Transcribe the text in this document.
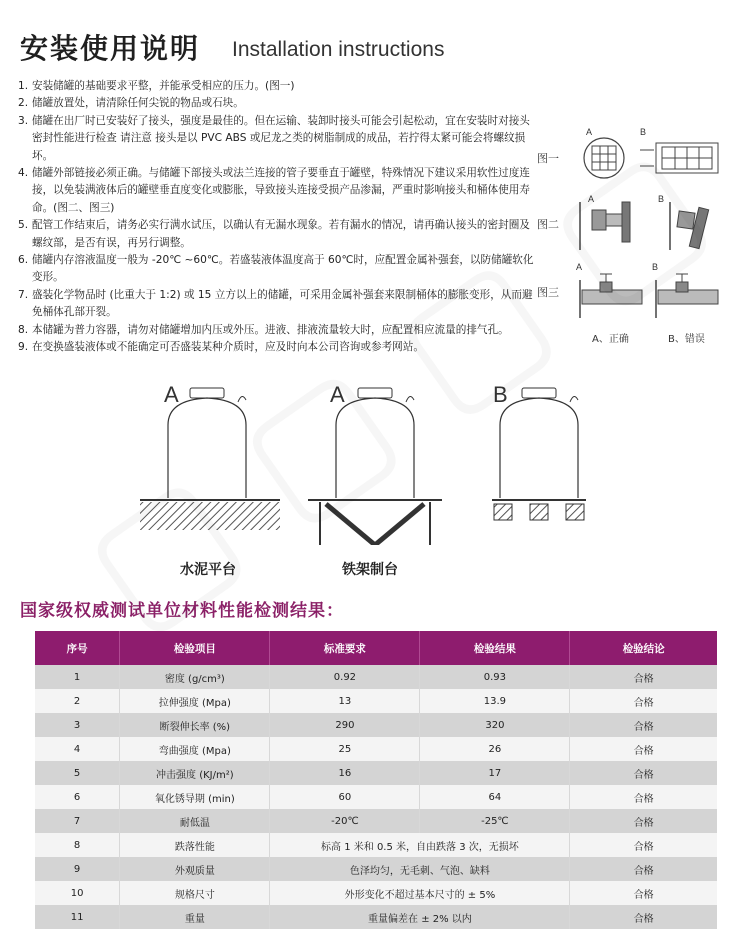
安装使用说明 Installation instructions
1. 安装储罐的基础要求平整，并能承受相应的压力。(图一)
2. 储罐放置处，请清除任何尖锐的物品或石块。
3. 储罐在出厂时已安装好了接头，强度是最佳的。但在运输、装卸时接头可能会引起松动，宜在安装时对接头密封性能进行检查 请注意 接头是以 PVC ABS 或尼龙之类的树脂制成的成品，若拧得太紧可能会将螺纹损坏。
4. 储罐外部链接必须正确。与储罐下部接头或法兰连接的管子要垂直于罐壁，特殊情况下建议采用软性过度连接，以免装满液体后的罐壁垂直度变化或膨胀，导致接头连接受损产品渗漏，严重时影响接头和桶体使用寿命。(图二、图三)
5. 配管工作结束后，请务必实行满水试压，以确认有无漏水现象。若有漏水的情况，请再确认接头的密封圈及螺纹部，是否有误，再另行调整。
6. 储罐内存溶液温度一般为 -20℃ ~60℃。若盛装液体温度高于 60℃时，应配置金属补强套，以防储罐软化变形。
7. 盛装化学物品时 (比重大于 1:2) 或 15 立方以上的储罐，可采用金属补强套来限制桶体的膨胀变形，从而避免桶体孔部开裂。
8. 本储罐为普力容器，请勿对储罐增加内压或外压。进液、排液流量较大时，应配置相应流量的排气孔。
9. 在变换盛装液体或不能确定可否盛装某种介质时，应及时向本公司咨询或参考网站。
图一
图二
图三
A	B
A	B
A	B
A、正确	B、错误
A	A	B
水泥平台	铁架制台
国家级权威测试单位材料性能检测结果：
序号	检验项目	标准要求	检验结果	检验结论
1	密度 (g/cm³)	0.92	0.93	合格
2	拉伸强度 (Mpa)	13	13.9	合格
3	断裂伸长率 (%)	290	320	合格
4	弯曲强度 (Mpa)	25	26	合格
5	冲击强度 (KJ/m²)	16	17	合格
6	氧化锈导期 (min)	60	64	合格
7	耐低温	-20℃	-25℃	合格
8	跌落性能	标高 1 米和 0.5 米，自由跌落 3 次，无损坏		合格
9	外观质量	色泽均匀，无毛刺、气泡、缺料		合格
10	规格尺寸	外形变化不超过基本尺寸的 ± 5%		合格
11	重量	重量偏差在 ± 2% 以内		合格
